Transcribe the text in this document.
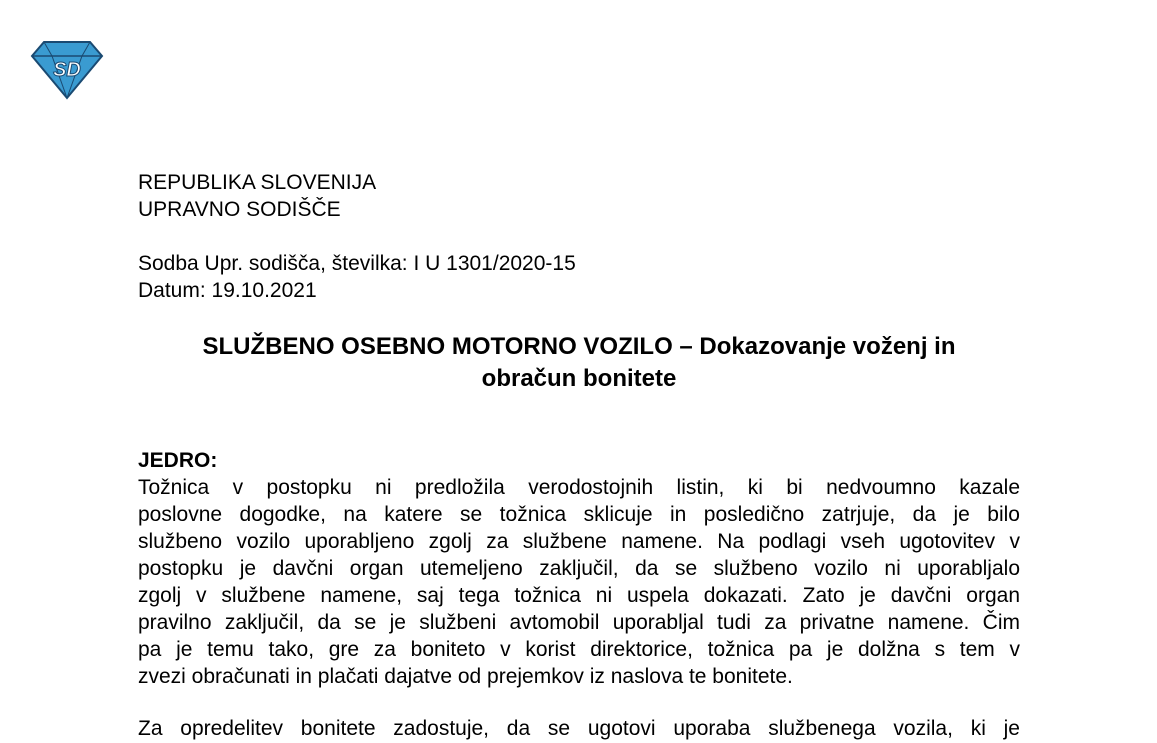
SD
REPUBLIKA SLOVENIJA
UPRAVNO SODIŠČE
Sodba Upr. sodišča, številka: I U 1301/2020-15
Datum: 19.10.2021
SLUŽBENO OSEBNO MOTORNO VOZILO – Dokazovanje voženj in
obračun bonitete
JEDRO:
Tožnica v postopku ni predložila verodostojnih listin, ki bi nedvoumno kazale
poslovne dogodke, na katere se tožnica sklicuje in posledično zatrjuje, da je bilo
službeno vozilo uporabljeno zgolj za službene namene. Na podlagi vseh ugotovitev v
postopku je davčni organ utemeljeno zaključil, da se službeno vozilo ni uporabljalo
zgolj v službene namene, saj tega tožnica ni uspela dokazati. Zato je davčni organ
pravilno zaključil, da se je službeni avtomobil uporabljal tudi za privatne namene. Čim
pa je temu tako, gre za boniteto v korist direktorice, tožnica pa je dolžna s tem v
zvezi obračunati in plačati dajatve od prejemkov iz naslova te bonitete.
Za opredelitev bonitete zadostuje, da se ugotovi uporaba službenega vozila, ki je
